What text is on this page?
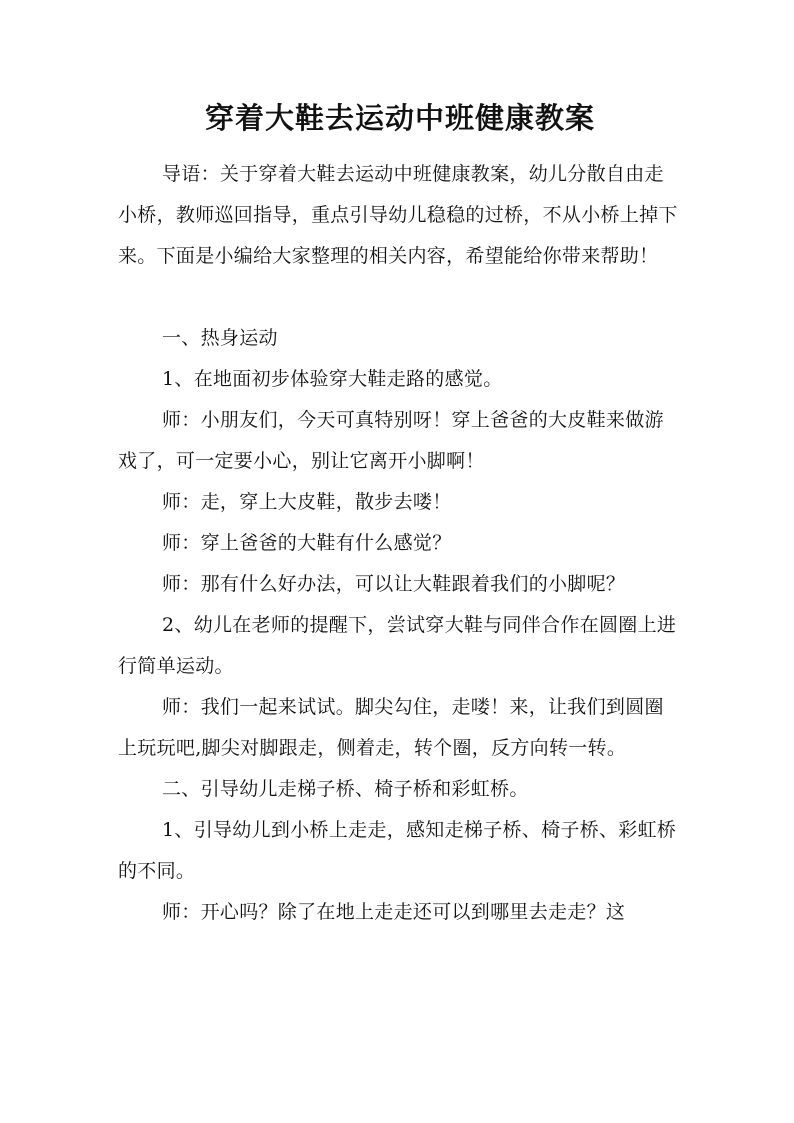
穿着大鞋去运动中班健康教案

导语：关于穿着大鞋去运动中班健康教案，幼儿分散自由走小桥，教师巡回指导，重点引导幼儿稳稳的过桥，不从小桥上掉下来。下面是小编给大家整理的相关内容，希望能给你带来帮助！

一、热身运动

1、在地面初步体验穿大鞋走路的感觉。

师：小朋友们，今天可真特别呀！穿上爸爸的大皮鞋来做游戏了，可一定要小心，别让它离开小脚啊！

师：走，穿上大皮鞋，散步去喽！

师：穿上爸爸的大鞋有什么感觉？

师：那有什么好办法，可以让大鞋跟着我们的小脚呢？

2、幼儿在老师的提醒下，尝试穿大鞋与同伴合作在圆圈上进行简单运动。

师：我们一起来试试。脚尖勾住，走喽！来，让我们到圆圈上玩玩吧,脚尖对脚跟走，侧着走，转个圈，反方向转一转。

二、引导幼儿走梯子桥、椅子桥和彩虹桥。

1、引导幼儿到小桥上走走，感知走梯子桥、椅子桥、彩虹桥的不同。

师：开心吗？除了在地上走走还可以到哪里去走走？这
